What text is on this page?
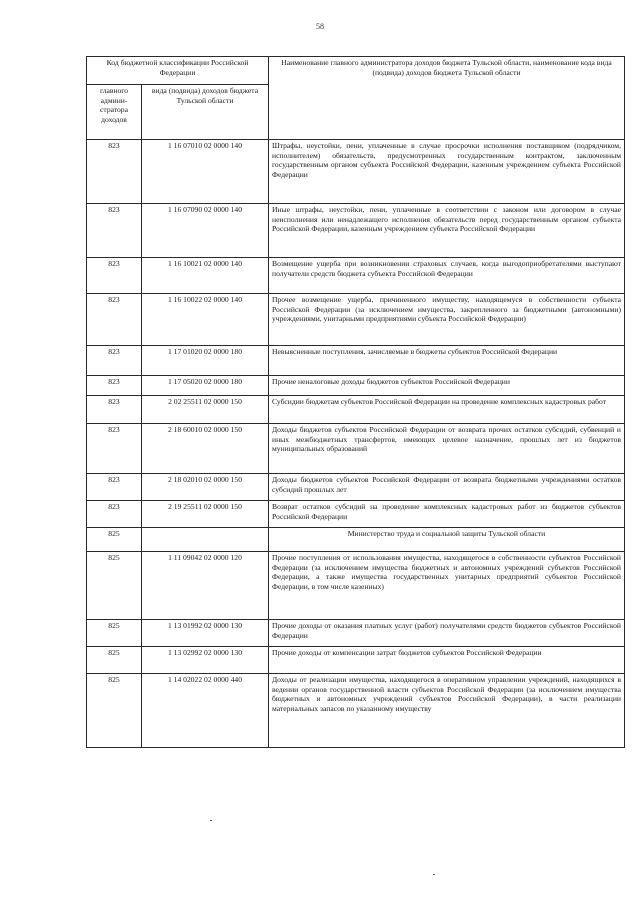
58
Код бюджетной классификации Российской Федерации		Наименование главного администратора доходов бюджета Тульской области, наименование кода вида (подвида) доходов бюджета Тульской области
главного админи-стратора доходов	вида (подвида) доходов бюджета Тульской области	
823	1 16 07010 02 0000 140	Штрафы, неустойки, пени, уплаченные в случае просрочки исполнения поставщиком (подрядчиком, исполнителем) обязательств, предусмотренных государственным контрактом, заключенным государственным органом субъекта Российской Федерации, казенным учреждением субъекта Российской Федерации
823	1 16 07090 02 0000 140	Иные штрафы, неустойки, пени, уплаченные в соответствии с законом или договором в случае неисполнения или ненадлежащего исполнения обязательств перед государственным органом субъекта Российской Федерации, казенным учреждением субъекта Российской Федерации
823	1 16 10021 02 0000 140	Возмещение ущерба при возникновении страховых случаев, когда выгодоприобретателями выступают получатели средств бюджета субъекта Российской Федерации
823	1 16 10022 02 0000 140	Прочее возмещение ущерба, причиненного имуществу, находящемуся в собственности субъекта Российской Федерации (за исключением имущества, закрепленного за бюджетными (автономными) учреждениями, унитарными предприятиями субъекта Российской Федерации)
823	1 17 01020 02 0000 180	Невыясненные поступления, зачисляемые в бюджеты субъектов Российской Федерации
823	1 17 05020 02 0000 180	Прочие неналоговые доходы бюджетов субъектов Российской Федерации
823	2 02 25511 02 0000 150	Субсидии бюджетам субъектов Российской Федерации на проведение комплексных кадастровых работ
823	2 18 60010 02 0000 150	Доходы бюджетов субъектов Российской Федерации от возврата прочих остатков субсидий, субвенций и иных межбюджетных трансфертов, имеющих целевое назначение, прошлых лет из бюджетов муниципальных образований
823	2 18 02010 02 0000 150	Доходы бюджетов субъектов Российской Федерации от возврата бюджетными учреждениями остатков субсидий прошлых лет
823	2 19 25511 02 0000 150	Возврат остатков субсидий на проведение комплексных кадастровых работ из бюджетов субъектов Российской Федерации
825		Министерство труда и социальной защиты Тульской области
825	1 11 09042 02 0000 120	Прочие поступления от использования имущества, находящегося в собственности субъектов Российской Федерации (за исключением имущества бюджетных и автономных учреждений субъектов Российской Федерации, а также имущества государственных унитарных предприятий субъектов Российской Федерации, в том числе казенных)
825	1 13 01992 02 0000 130	Прочие доходы от оказания платных услуг (работ) получателями средств бюджетов субъектов Российской Федерации
825	1 13 02992 02 0000 130	Прочие доходы от компенсации затрат бюджетов субъектов Российской Федерации
825	1 14 02022 02 0000 440	Доходы от реализации имущества, находящегося в оперативном управлении учреждений, находящихся в ведении органов государственной власти субъектов Российской Федерации (за исключением имущества бюджетных и автономных учреждений субъектов Российской Федерации), в части реализации материальных запасов по указанному имуществу
